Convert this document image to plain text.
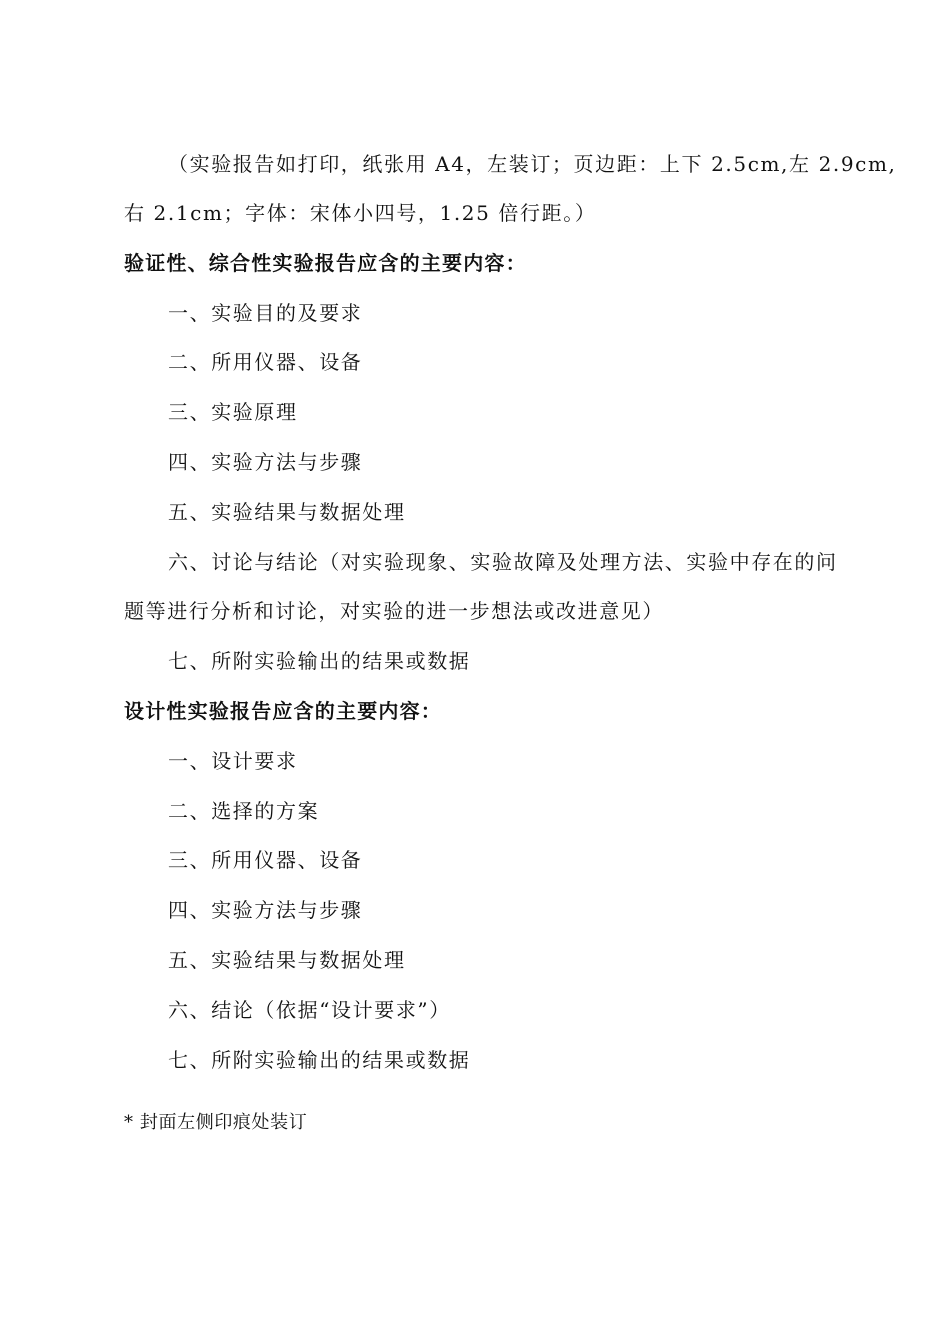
（实验报告如打印，纸张用 A4，左装订；页边距：上下 2.5cm,左 2.9cm,
右 2.1cm；字体：宋体小四号，1.25 倍行距。）
验证性、综合性实验报告应含的主要内容：
一、实验目的及要求
二、所用仪器、设备
三、实验原理
四、实验方法与步骤
五、实验结果与数据处理
六、讨论与结论（对实验现象、实验故障及处理方法、实验中存在的问
题等进行分析和讨论，对实验的进一步想法或改进意见）
七、所附实验输出的结果或数据
设计性实验报告应含的主要内容：
一、设计要求
二、选择的方案
三、所用仪器、设备
四、实验方法与步骤
五、实验结果与数据处理
六、结论（依据“设计要求”）
七、所附实验输出的结果或数据
* 封面左侧印痕处装订
